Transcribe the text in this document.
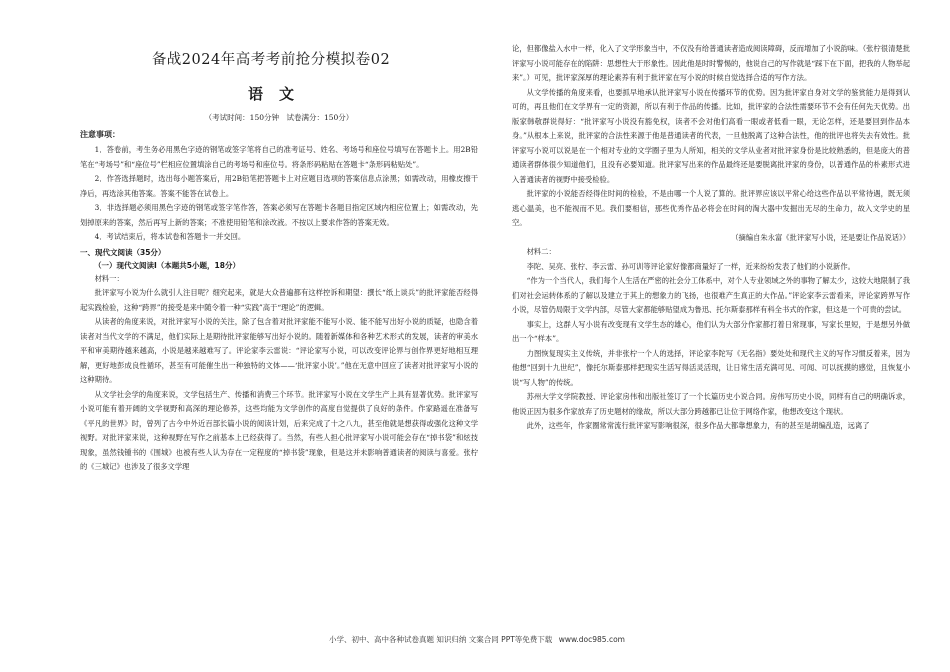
备战2024年高考考前抢分模拟卷02
语文
（考试时间：150分钟　试卷满分：150分）
注意事项：

1．答卷前，考生务必用黑色字迹的钢笔或签字笔将自己的准考证号、姓名、考场号和座位号填写在答题卡上。用2B铅笔在“考场号”和“座位号”栏相应位置填涂自己的考场号和座位号。将条形码粘贴在答题卡“条形码粘贴处”。

2．作答选择题时，选出每小题答案后，用2B铅笔把答题卡上对应题目选项的答案信息点涂黑；如需改动，用橡皮擦干净后，再选涂其他答案。答案不能答在试卷上。

3．非选择题必须用黑色字迹的钢笔或签字笔作答，答案必须写在答题卡各题目指定区域内相应位置上；如需改动，先划掉原来的答案，然后再写上新的答案；不准使用铅笔和涂改液。不按以上要求作答的答案无效。

4．考试结束后，将本试卷和答题卡一并交回。

一、现代文阅读（35分）
（一）现代文阅读Ⅰ（本题共5小题，18分）

材料一：

批评家写小说为什么就引人注目呢？细究起来，就是大众普遍都有这样控诉和期望：撰长“纸上谈兵”的批评家能否经得起实践检验，这种“跨界”的接受是来中随令着一种“实践”高于“理论”的逻辑。

从读者的角度来说，对批评家写小说的关注，除了包含着对批评家能不能写小说、能不能写出好小说的质疑，也隐含着读者对当代文学的不满足，他们实际上是期待批评家能够写出好小说的。随着新媒体和各种艺术形式的发展，读者的审美水平和审美期待越来越高，小说是越来越难写了。评论家李云雷说：“评论家写小说，可以改变评论界与创作界更好地相互理解，更好地彭成良性循环，甚至有可能催生出一种独特的文体——‘批评家小说’。”他在无意中回应了读者对批评家写小说的这种期待。

从文学社会学的角度来说，文学包括生产、传播和消费三个环节。批评家写小说在文学生产上具有显著优势。批评家写小说可能有着开阔的文学视野和高深的理论修养，这些均能为文学创作的高度自觉提供了良好的条件。作家路遥在准备写《平凡的世界》时，曾列了古今中外近百部长篇小说的阅读计划，后来完成了十之八九，甚至他就是想获得或强化这种文学视野。对批评家来说，这种视野在写作之前基本上已经获得了。当然，有些人担心批评家写小说可能会存在“掉书袋”和炫技现象，虽然钱锺书的《围城》也被有些人认为存在一定程度的“掉书袋”现象，但是这并未影响普通读者的阅读与喜爱。张柠的《三城记》也涉及了很多文学理

论，但都像盐入水中一样，化入了文学形象当中，不仅没有给普通读者造成阅读障碍，反而增加了小说韵味。（张柠很清楚批评家写小说可能存在的陷阱：思想性大于形象性。因此他是时时警惕的，他说自己的写作就是“踩下在下面，把我的人物举起来”。）可见，批评家深厚的理论素养有利于批评家在写小说的时候自觉选择合适的写作方法。

从文学传播的角度来看，也要抓早地承认批评家写小说在传播环节的优势。因为批评家自身对文学的鉴赏能力是得到认可的，再且他们在文学界有一定的资源，所以有利于作品的传播。比如，批评家的合法性需要环节不会有任何先天优势。出版家韩敬群说得好：“批评家写小说没有豁免权，读者不会对他们高看一眼或者低看一眼，无论怎样，还是要回到作品本身。”从根本上来说，批评家的合法性来源于他是普通读者的代表，一旦他脱离了这种合法性，他的批评也将失去有效性。批评家写小说可以说是在一个相对专业的文学圈子里为人所知，相关的文学从业者对批评家身份是比较熟悉的，但是庞大的普通读者群体很少知道他们，且没有必要知道。批评家写出来的作品最终还是要脱离批评家的身份，以普通作品的朴素形式进入普通读者的视野中接受检验。

批评家的小说能否经得住时间的检验，不是由哪一个人说了算的。批评界应该以平常心给这些作品以平常待遇，既无须逃心温美，也不能视而不见。我们要相信，那些优秀作品必将会在时间的淘大器中发掘出无尽的生命力，故入文学史的星空。

（摘编自朱永富《批评家写小说，还是要让作品说话》）

材料二：

李陀、吴亮、张柠、李云雷、孙可训等评论家好像都商量好了一样，近来纷纷发表了他们的小说新作。

“作为一个当代人，我们每个人生活在严密的社会分工体系中，对个人专业领域之外的事物了解太少，这较大地限制了我们对社会运转体系的了解以及建立于其上的想象力的飞扬，也很难产生真正的大作品。”评论家李云雷看来，评论家跨界写作小说，尽管仍局限于文学内部，尽管大家都能够贴望成为鲁迅、托尔斯泰那样有科全书式的作家，但这是一个可贵的尝试。

事实上，这群人写小说有改变现有文学生态的雄心，他们认为大部分作家都打着日常现事，写家长里短，于是想另外做出一个“样本”。

力图恢复现实主义传统，并非张柠一个人的选择，评论家李陀写《无名指》要处处和现代主义的写作习惯反着来，因为他想“回到十九世纪”，像托尔斯泰那样把现实生活写得活灵活现，让日常生活充满可见、可闻、可以抚摸的感觉，且恢复小说“写人物”的传统。

苏州大学文学院教授、评论家房伟和出版社签订了一个长篇历史小说合同。房伟写历史小说，同样有自己的明确诉求，他说正因为很多作家放弃了历史题材的缘故，所以大部分跨越都已让位于网络作家，他想改变这个现状。

此外，这些年，作家圈常常流行批评家写影响很深，很多作品大都靠想象力，有的甚至是胡编乱造，远离了

小学、初中、高中各种试卷真题 知识归纳 文案合同 PPT等免费下载 www.doc985.com
